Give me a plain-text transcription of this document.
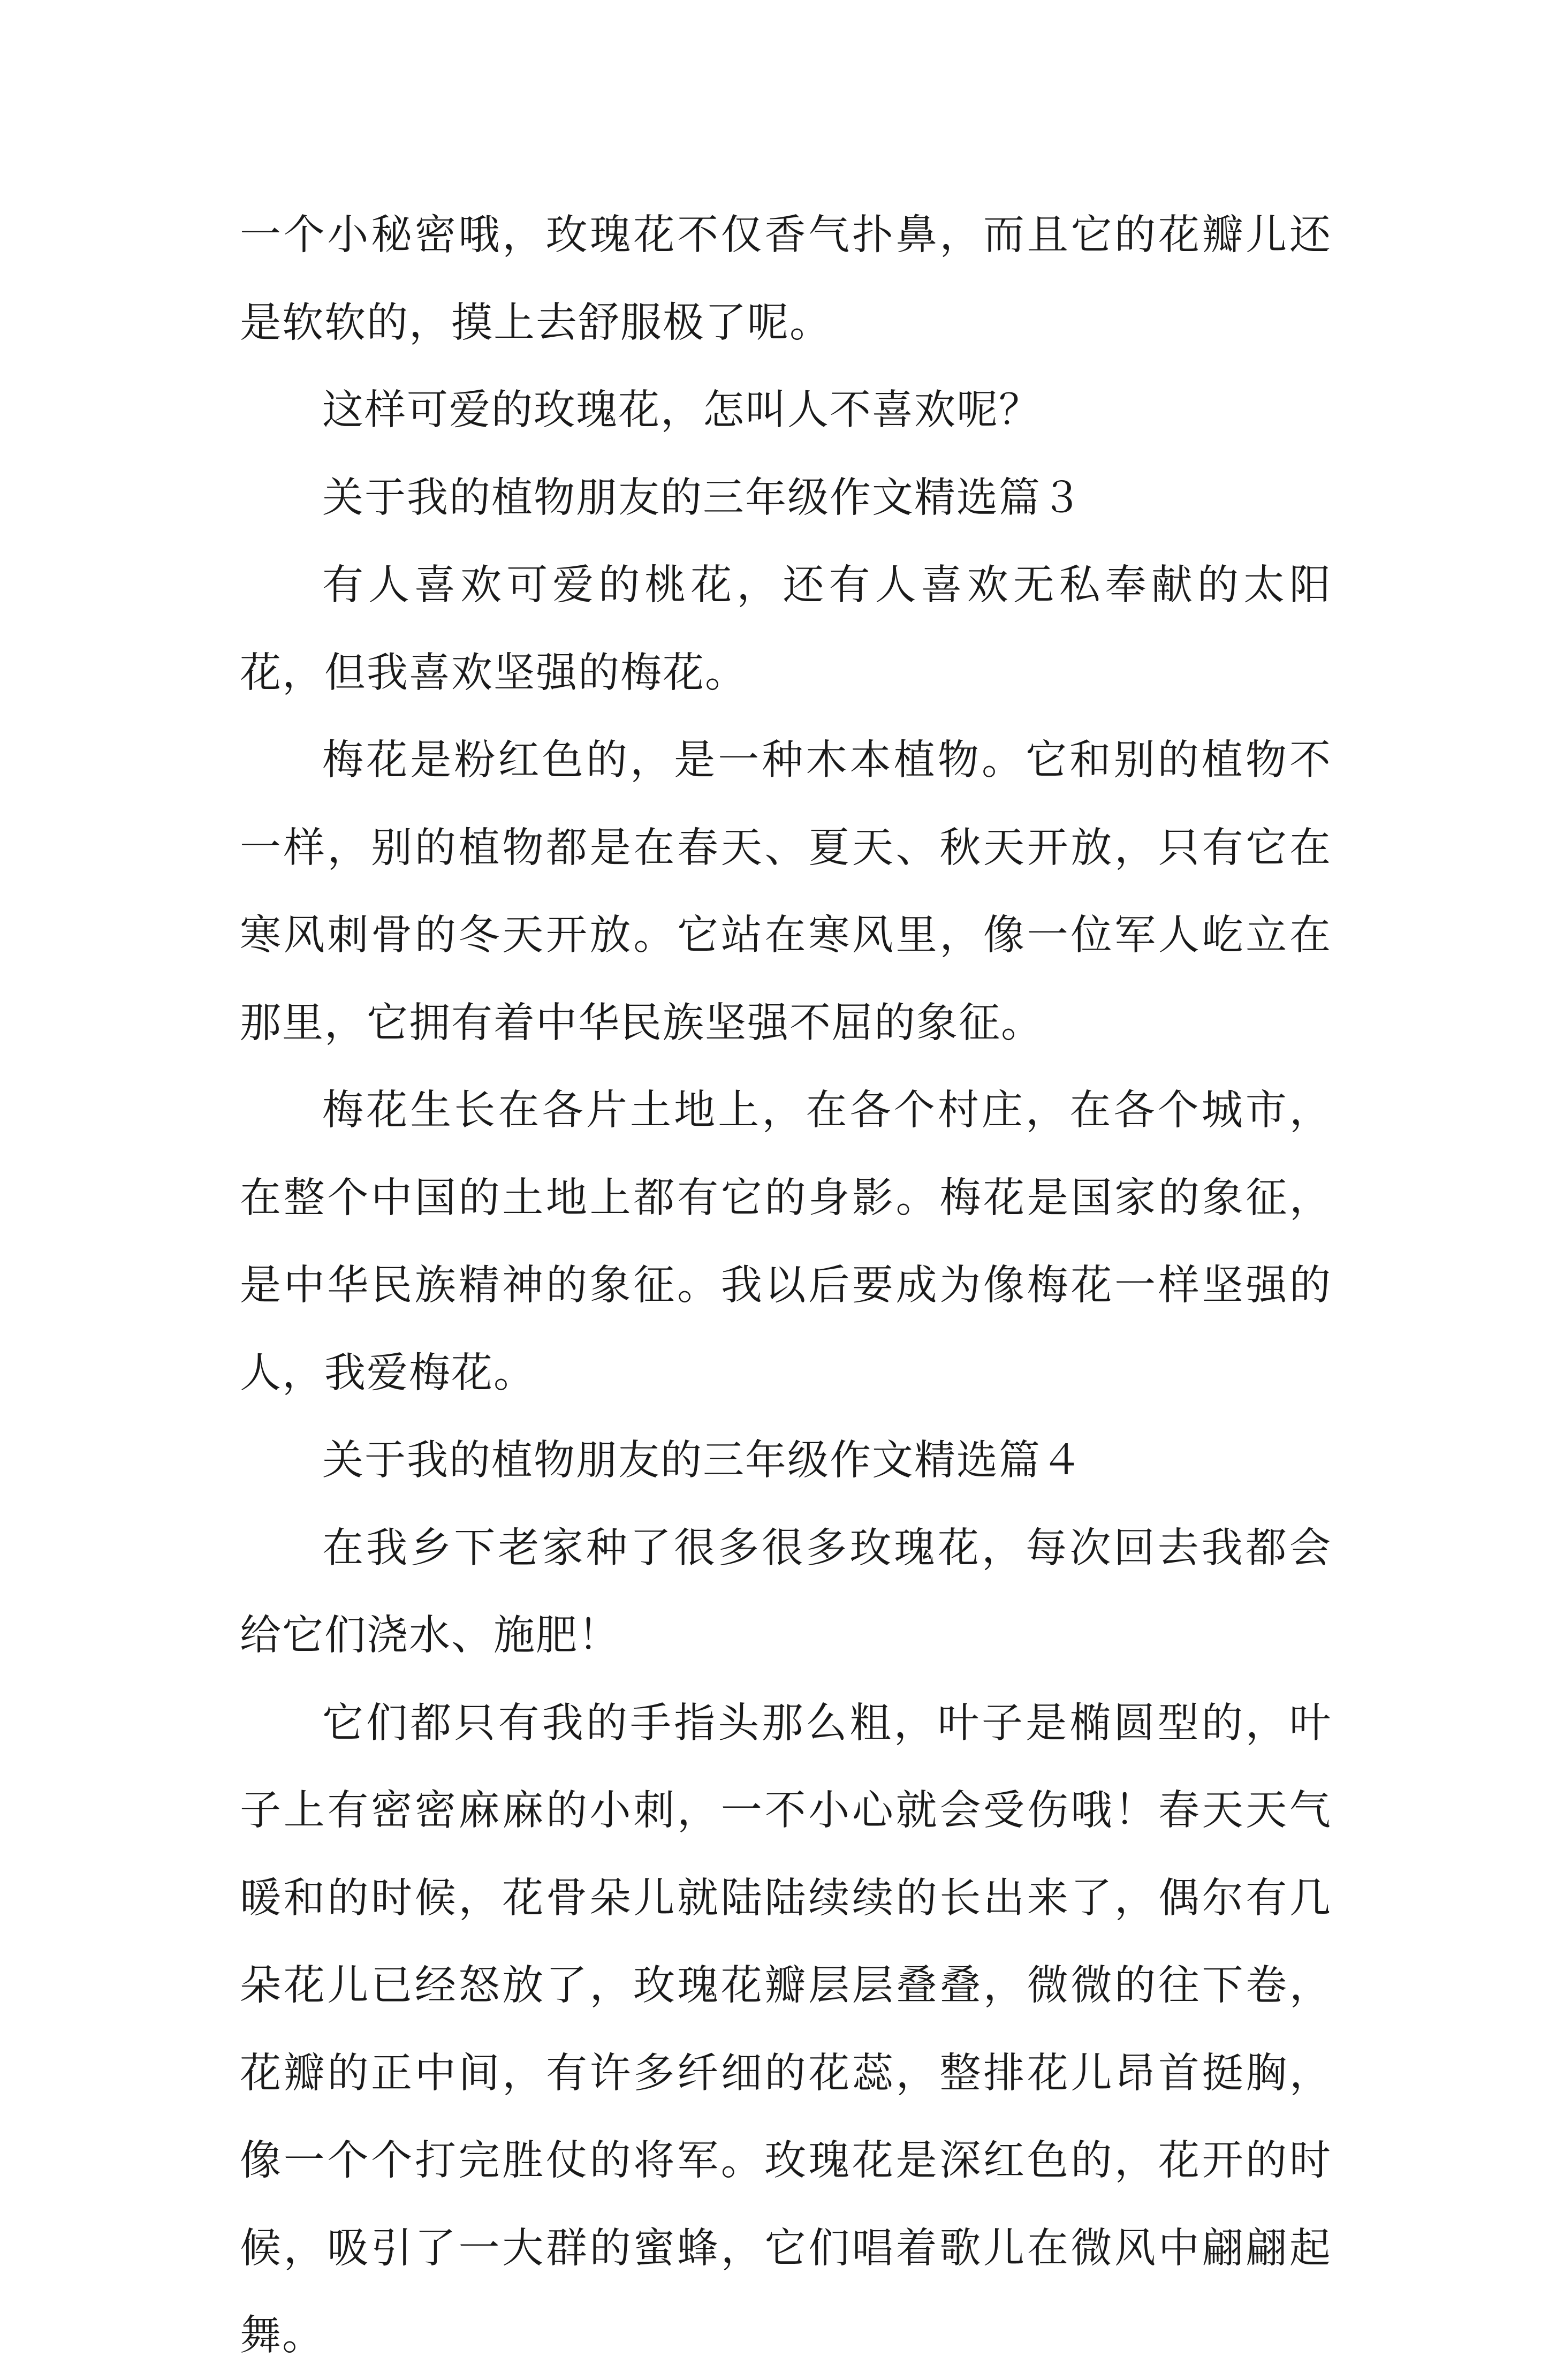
一个小秘密哦，玫瑰花不仅香气扑鼻，而且它的花瓣儿还是软软的，摸上去舒服极了呢。

这样可爱的玫瑰花，怎叫人不喜欢呢？

关于我的植物朋友的三年级作文精选篇３

有人喜欢可爱的桃花，还有人喜欢无私奉献的太阳花，但我喜欢坚强的梅花。

梅花是粉红色的，是一种木本植物。它和别的植物不一样，别的植物都是在春天、夏天、秋天开放，只有它在寒风刺骨的冬天开放。它站在寒风里，像一位军人屹立在那里，它拥有着中华民族坚强不屈的象征。

梅花生长在各片土地上，在各个村庄，在各个城市，在整个中国的土地上都有它的身影。梅花是国家的象征，是中华民族精神的象征。我以后要成为像梅花一样坚强的人，我爱梅花。

关于我的植物朋友的三年级作文精选篇４

在我乡下老家种了很多很多玫瑰花，每次回去我都会给它们浇水、施肥！

它们都只有我的手指头那么粗，叶子是椭圆型的，叶子上有密密麻麻的小刺，一不小心就会受伤哦！春天天气暖和的时候，花骨朵儿就陆陆续续的长出来了，偶尔有几朵花儿已经怒放了，玫瑰花瓣层层叠叠，微微的往下卷，花瓣的正中间，有许多纤细的花蕊，整排花儿昂首挺胸，像一个个打完胜仗的将军。玫瑰花是深红色的，花开的时候，吸引了一大群的蜜蜂，它们唱着歌儿在微风中翩翩起舞。
